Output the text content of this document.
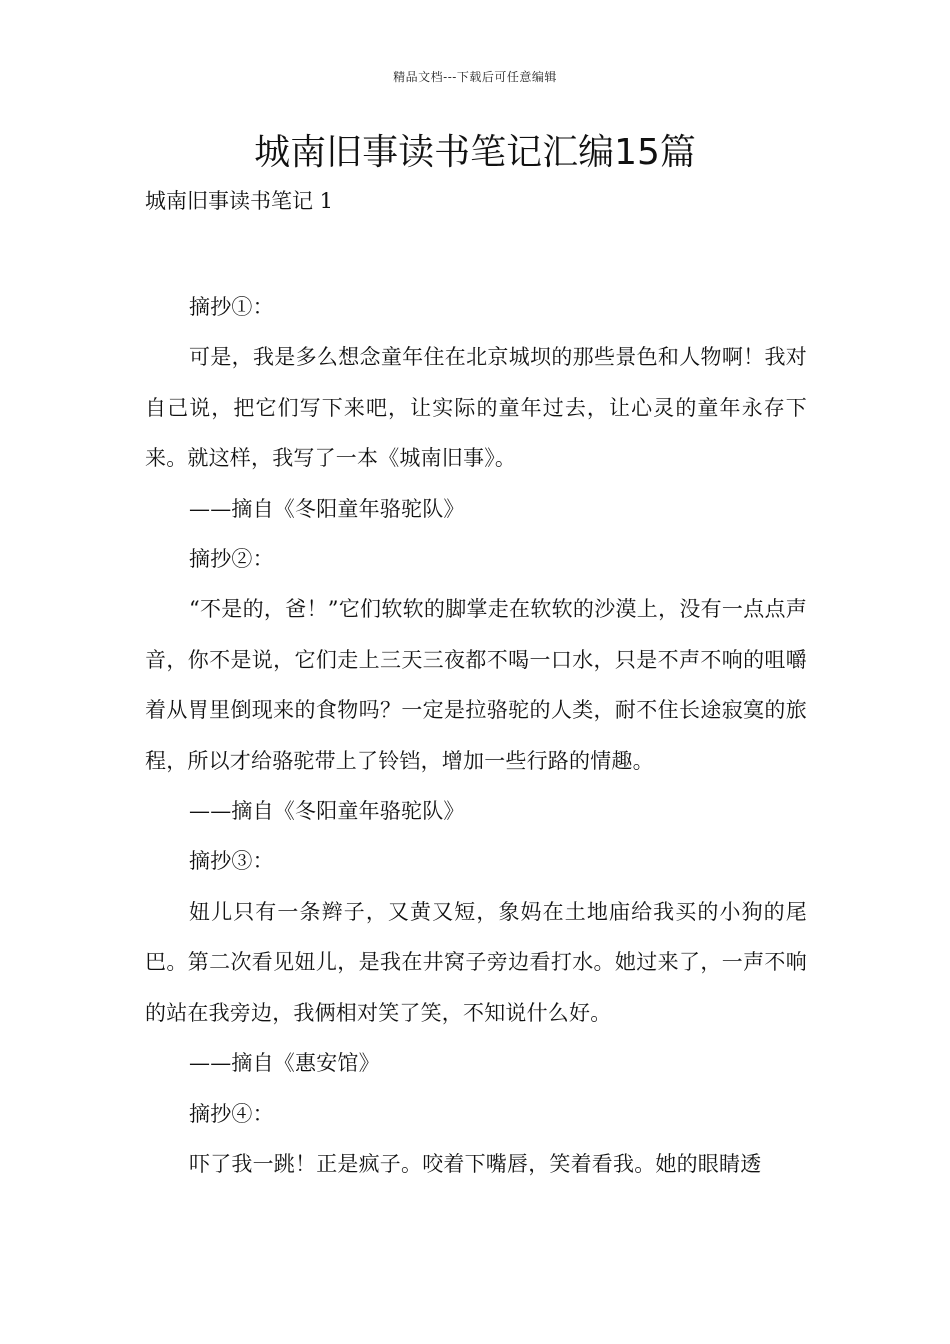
精品文档---下载后可任意编辑
城南旧事读书笔记汇编15篇
城南旧事读书笔记 1

摘抄①：

可是，我是多么想念童年住在北京城坝的那些景色和人物啊！我对自己说，把它们写下来吧，让实际的童年过去，让心灵的童年永存下来。就这样，我写了一本《城南旧事》。

——摘自《冬阳童年骆驼队》

摘抄②：

“不是的，爸！”它们软软的脚掌走在软软的沙漠上，没有一点点声音，你不是说，它们走上三天三夜都不喝一口水，只是不声不响的咀嚼着从胃里倒现来的食物吗？一定是拉骆驼的人类，耐不住长途寂寞的旅程，所以才给骆驼带上了铃铛，增加一些行路的情趣。

——摘自《冬阳童年骆驼队》

摘抄③：

妞儿只有一条辫子，又黄又短，象妈在土地庙给我买的小狗的尾巴。第二次看见妞儿，是我在井窝子旁边看打水。她过来了，一声不响的站在我旁边，我俩相对笑了笑，不知说什么好。

——摘自《惠安馆》

摘抄④：

吓了我一跳！正是疯子。咬着下嘴唇，笑着看我。她的眼睛透
